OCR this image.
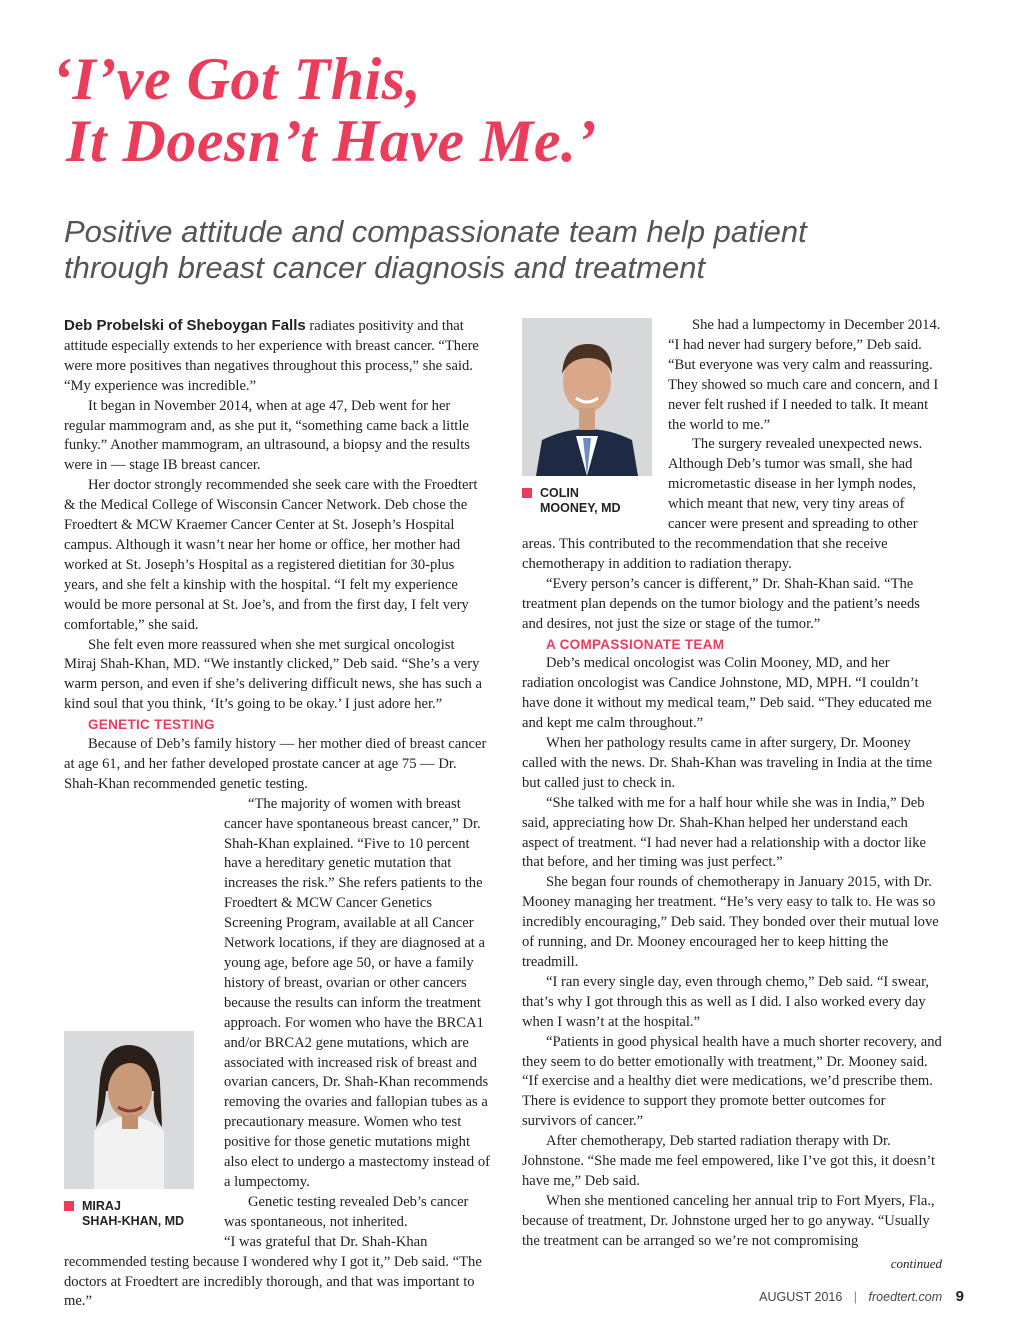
‘I’ve Got This,
It Doesn’t Have Me.’
Positive attitude and compassionate team help patient
through breast cancer diagnosis and treatment

Deb Probelski of Sheboygan Falls radiates positivity and that attitude especially extends to her experience with breast cancer. “There were more positives than negatives throughout this process,” she said. “My experience was incredible.”

It began in November 2014, when at age 47, Deb went for her regular mammogram and, as she put it, “something came back a little funky.” Another mammogram, an ultrasound, a biopsy and the results were in — stage IB breast cancer.

Her doctor strongly recommended she seek care with the Froedtert & the Medical College of Wisconsin Cancer Network. Deb chose the Froedtert & MCW Kraemer Cancer Center at St. Joseph’s Hospital campus. Although it wasn’t near her home or office, her mother had worked at St. Joseph’s Hospital as a registered dietitian for 30-plus years, and she felt a kinship with the hospital. “I felt my experience would be more personal at St. Joe’s, and from the first day, I felt very comfortable,” she said.

She felt even more reassured when she met surgical oncologist Miraj Shah-Khan, MD. “We instantly clicked,” Deb said. “She’s a very warm person, and even if she’s delivering difficult news, she has such a kind soul that you think, ‘It’s going to be okay.’ I just adore her.”

GENETIC TESTING

Because of Deb’s family history — her mother died of breast cancer at age 61, and her father developed prostate cancer at age 75 — Dr. Shah-Khan recommended genetic testing.

MIRAJ
SHAH-KHAN, MD

“The majority of women with breast cancer have spontaneous breast cancer,” Dr. Shah-Khan explained. “Five to 10 percent have a hereditary genetic mutation that increases the risk.” She refers patients to the Froedtert & MCW Cancer Genetics Screening Program, available at all Cancer Network locations, if they are diagnosed at a young age, before age 50, or have a family history of breast, ovarian or other cancers because the results can inform the treatment approach. For women who have the BRCA1 and/or BRCA2 gene mutations, which are associated with increased risk of breast and ovarian cancers, Dr. Shah-Khan recommends removing the ovaries and fallopian tubes as a precautionary measure. Women who test positive for those genetic mutations might also elect to undergo a mastectomy instead of a lumpectomy.

Genetic testing revealed Deb’s cancer was spontaneous, not inherited.

“I was grateful that Dr. Shah-Khan recommended testing because I wondered why I got it,” Deb said. “The doctors at Froedtert are incredibly thorough, and that was important to me.”

COLIN
MOONEY, MD

She had a lumpectomy in December 2014. “I had never had surgery before,” Deb said. “But everyone was very calm and reassuring. They showed so much care and concern, and I never felt rushed if I needed to talk. It meant the world to me.”

The surgery revealed unexpected news. Although Deb’s tumor was small, she had micrometastic disease in her lymph nodes, which meant that new, very tiny areas of cancer were present and spreading to other areas. This contributed to the recommendation that she receive chemotherapy in addition to radiation therapy.

“Every person’s cancer is different,” Dr. Shah-Khan said. “The treatment plan depends on the tumor biology and the patient’s needs and desires, not just the size or stage of the tumor.”

A COMPASSIONATE TEAM

Deb’s medical oncologist was Colin Mooney, MD, and her radiation oncologist was Candice Johnstone, MD, MPH. “I couldn’t have done it without my medical team,” Deb said. “They educated me and kept me calm throughout.”

When her pathology results came in after surgery, Dr. Mooney called with the news. Dr. Shah-Khan was traveling in India at the time but called just to check in.

“She talked with me for a half hour while she was in India,” Deb said, appreciating how Dr. Shah-Khan helped her understand each aspect of treatment. “I had never had a relationship with a doctor like that before, and her timing was just perfect.”

She began four rounds of chemotherapy in January 2015, with Dr. Mooney managing her treatment. “He’s very easy to talk to. He was so incredibly encouraging,” Deb said. They bonded over their mutual love of running, and Dr. Mooney encouraged her to keep hitting the treadmill.

“I ran every single day, even through chemo,” Deb said. “I swear, that’s why I got through this as well as I did. I also worked every day when I wasn’t at the hospital.”

“Patients in good physical health have a much shorter recovery, and they seem to do better emotionally with treatment,” Dr. Mooney said. “If exercise and a healthy diet were medications, we’d prescribe them. There is evidence to support they promote better outcomes for survivors of cancer.”

After chemotherapy, Deb started radiation therapy with Dr. Johnstone. “She made me feel empowered, like I’ve got this, it doesn’t have me,” Deb said.

When she mentioned canceling her annual trip to Fort Myers, Fla., because of treatment, Dr. Johnstone urged her to go anyway. “Usually the treatment can be arranged so we’re not compromising

continued
AUGUST 2016 | froedtert.com 9
